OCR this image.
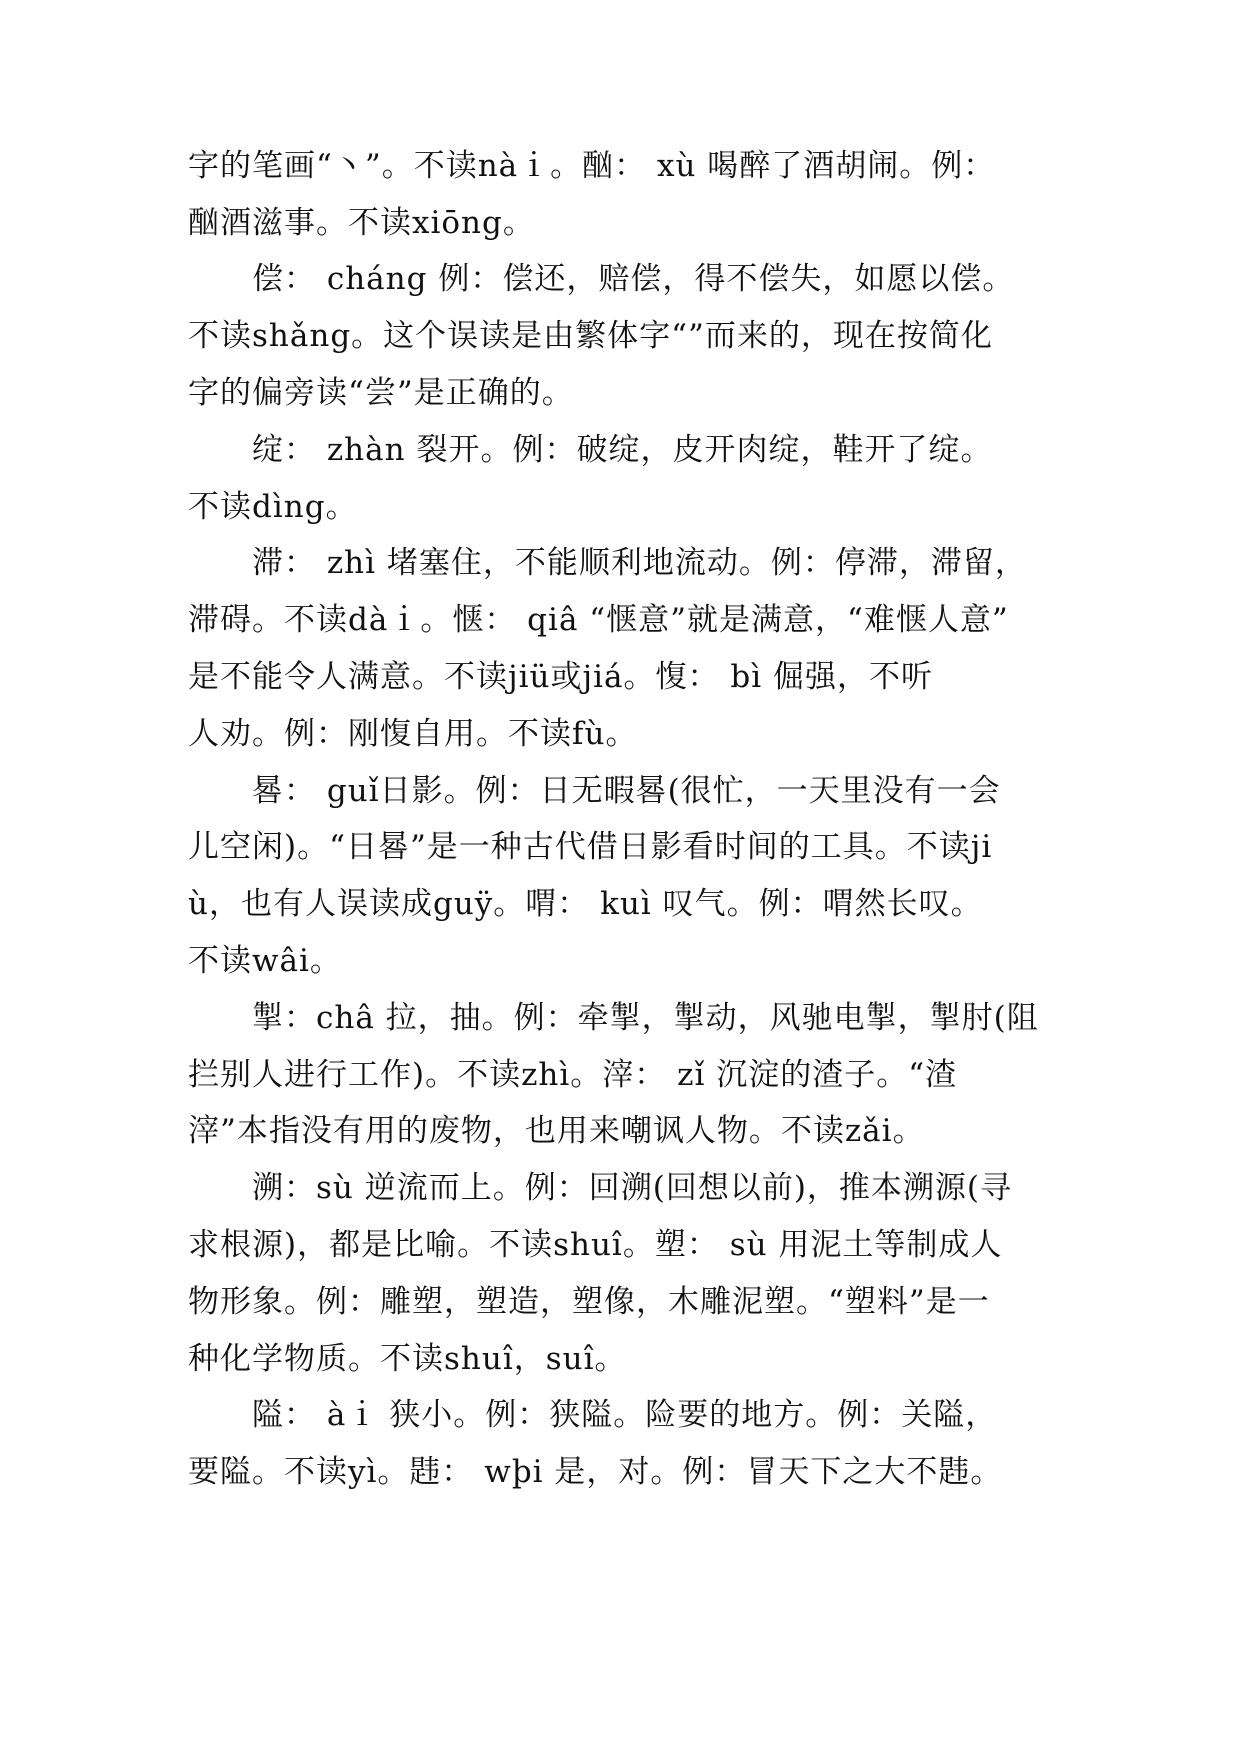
字的笔画“丶”。不读nàｉ。酗： xù 喝醉了酒胡闹。例：
酗酒滋事。不读xiōng。
偿： cháng 例：偿还，赔偿，得不偿失，如愿以偿。
不读shǎng。这个误读是由繁体字“”而来的，现在按简化
字的偏旁读“尝”是正确的。
绽： zhàn 裂开。例：破绽，皮开肉绽，鞋开了绽。
不读dìng。
滞： zhì 堵塞住，不能顺利地流动。例：停滞，滞留，
滞碍。不读dàｉ。惬： qiâ “惬意”就是满意，“难惬人意”
是不能令人满意。不读jiü或jiá。愎： bì 倔强，不听
人劝。例：刚愎自用。不读fù。
晷： guǐ日影。例：日无暇晷(很忙，一天里没有一会
儿空闲)。“日晷”是一种古代借日影看时间的工具。不读ji
ù，也有人误读成guÿ。喟： kuì 叹气。例：喟然长叹。
不读wâi。
掣：châ 拉，抽。例：牵掣，掣动，风驰电掣，掣肘(阻
拦别人进行工作)。不读zhì。滓： zǐ 沉淀的渣子。“渣
滓”本指没有用的废物，也用来嘲讽人物。不读zǎi。
溯：sù 逆流而上。例：回溯(回想以前)，推本溯源(寻
求根源)，都是比喻。不读shuî。塑： sù 用泥土等制成人
物形象。例：雕塑，塑造，塑像，木雕泥塑。“塑料”是一
种化学物质。不读shuî，suî。
隘： àｉ 狭小。例：狭隘。险要的地方。例：关隘，
要隘。不读yì。韪： wþi 是，对。例：冒天下之大不韪。
